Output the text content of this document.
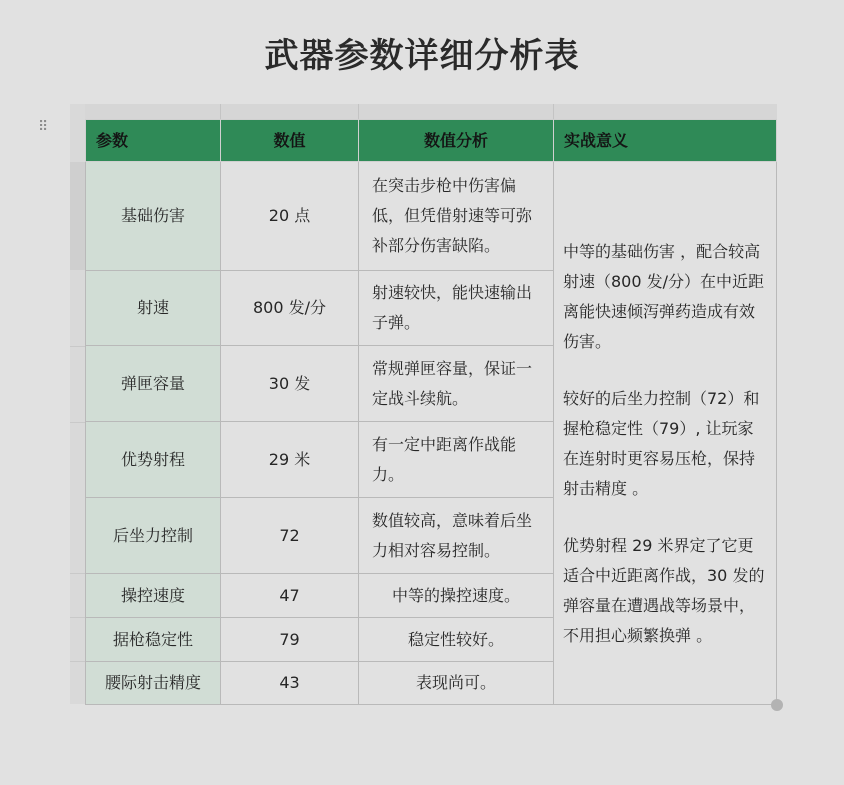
武器参数详细分析表
⠿
参数	数值	数值分析	实战意义
基础伤害	20 点	在突击步枪中伤害偏低，但凭借射速等可弥补部分伤害缺陷。	中等的基础伤害 ，配合较高射速（800 发/分）在中近距离能快速倾泻弹药造成有效伤害。
较好的后坐力控制（72）和握枪稳定性（79）, 让玩家在连射时更容易压枪，保持射击精度 。
优势射程 29 米界定了它更适合中近距离作战，30 发的弹容量在遭遇战等场景中， 不用担心频繁换弹 。

射速	800 发/分	射速较快，能快速输出子弹。	
弹匣容量	30 发	常规弹匣容量，保证一定战斗续航。	
优势射程	29 米	有一定中距离作战能力。	
后坐力控制	72	数值较高，意味着后坐力相对容易控制。	
操控速度	47	中等的操控速度。	
据枪稳定性	79	稳定性较好。	
腰际射击精度	43	表现尚可。	
